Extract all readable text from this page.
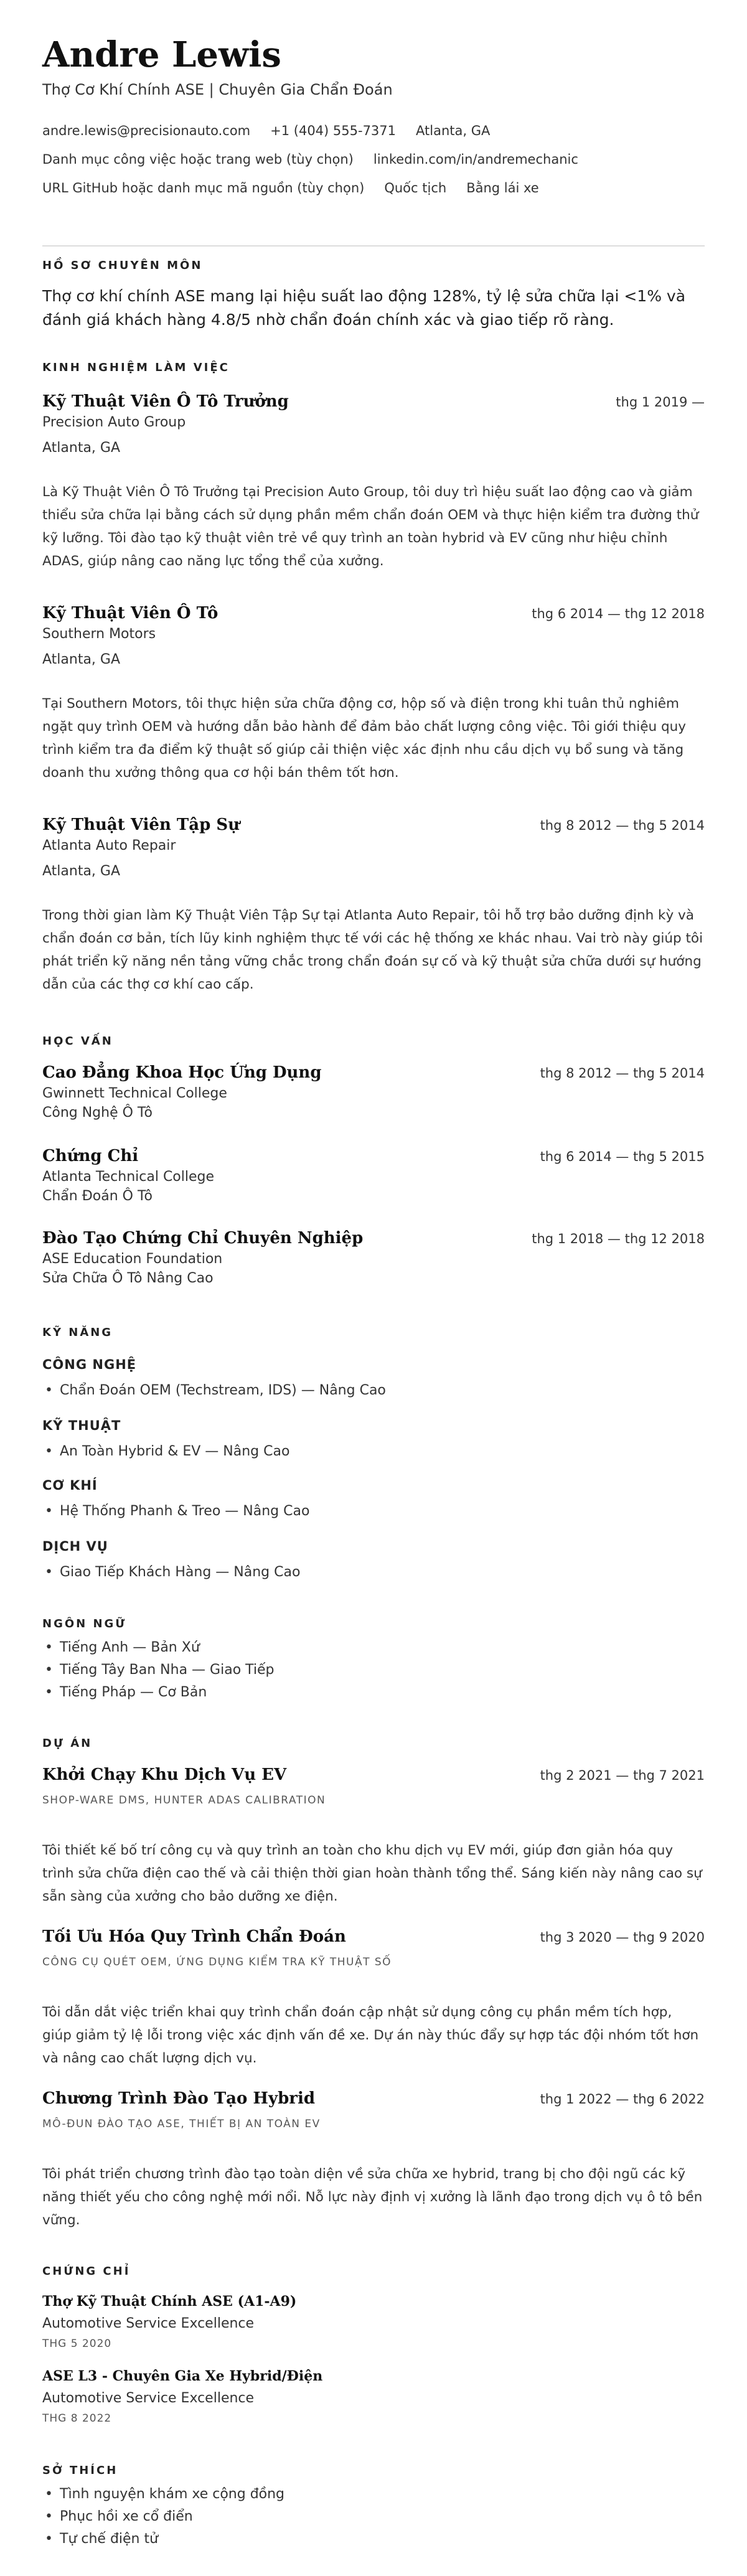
Andre Lewis
Thợ Cơ Khí Chính ASE | Chuyên Gia Chẩn Đoán
andre.lewis@precisionauto.com +1 (404) 555-7371 Atlanta, GA
Danh mục công việc hoặc trang web (tùy chọn) linkedin.com/in/andremechanic
URL GitHub hoặc danh mục mã nguồn (tùy chọn) Quốc tịch Bằng lái xe
HỒ SƠ CHUYÊN MÔN
Thợ cơ khí chính ASE mang lại hiệu suất lao động 128%, tỷ lệ sửa chữa lại <1% và đánh giá khách hàng 4.8/5 nhờ chẩn đoán chính xác và giao tiếp rõ ràng.
KINH NGHIỆM LÀM VIỆC
Kỹ Thuật Viên Ô Tô Trưởng	thg 1 2019 —
Precision Auto Group
Atlanta, GA
Là Kỹ Thuật Viên Ô Tô Trưởng tại Precision Auto Group, tôi duy trì hiệu suất lao động cao và giảm thiểu sửa chữa lại bằng cách sử dụng phần mềm chẩn đoán OEM và thực hiện kiểm tra đường thử kỹ lưỡng. Tôi đào tạo kỹ thuật viên trẻ về quy trình an toàn hybrid và EV cũng như hiệu chỉnh ADAS, giúp nâng cao năng lực tổng thể của xưởng.
Kỹ Thuật Viên Ô Tô	thg 6 2014 — thg 12 2018
Southern Motors
Atlanta, GA
Tại Southern Motors, tôi thực hiện sửa chữa động cơ, hộp số và điện trong khi tuân thủ nghiêm ngặt quy trình OEM và hướng dẫn bảo hành để đảm bảo chất lượng công việc. Tôi giới thiệu quy trình kiểm tra đa điểm kỹ thuật số giúp cải thiện việc xác định nhu cầu dịch vụ bổ sung và tăng doanh thu xưởng thông qua cơ hội bán thêm tốt hơn.
Kỹ Thuật Viên Tập Sự	thg 8 2012 — thg 5 2014
Atlanta Auto Repair
Atlanta, GA
Trong thời gian làm Kỹ Thuật Viên Tập Sự tại Atlanta Auto Repair, tôi hỗ trợ bảo dưỡng định kỳ và chẩn đoán cơ bản, tích lũy kinh nghiệm thực tế với các hệ thống xe khác nhau. Vai trò này giúp tôi phát triển kỹ năng nền tảng vững chắc trong chẩn đoán sự cố và kỹ thuật sửa chữa dưới sự hướng dẫn của các thợ cơ khí cao cấp.
HỌC VẤN
Cao Đẳng Khoa Học Ứng Dụng	thg 8 2012 — thg 5 2014
Gwinnett Technical College
Công Nghệ Ô Tô
Chứng Chỉ	thg 6 2014 — thg 5 2015
Atlanta Technical College
Chẩn Đoán Ô Tô
Đào Tạo Chứng Chỉ Chuyên Nghiệp	thg 1 2018 — thg 12 2018
ASE Education Foundation
Sửa Chữa Ô Tô Nâng Cao
KỸ NĂNG
CÔNG NGHỆ
• Chẩn Đoán OEM (Techstream, IDS) — Nâng Cao
KỸ THUẬT
• An Toàn Hybrid & EV — Nâng Cao
CƠ KHÍ
• Hệ Thống Phanh & Treo — Nâng Cao
DỊCH VỤ
• Giao Tiếp Khách Hàng — Nâng Cao
NGÔN NGỮ
• Tiếng Anh — Bản Xứ
• Tiếng Tây Ban Nha — Giao Tiếp
• Tiếng Pháp — Cơ Bản
DỰ ÁN
Khởi Chạy Khu Dịch Vụ EV	thg 2 2021 — thg 7 2021
SHOP-WARE DMS, HUNTER ADAS CALIBRATION
Tôi thiết kế bố trí công cụ và quy trình an toàn cho khu dịch vụ EV mới, giúp đơn giản hóa quy trình sửa chữa điện cao thế và cải thiện thời gian hoàn thành tổng thể. Sáng kiến này nâng cao sự sẵn sàng của xưởng cho bảo dưỡng xe điện.
Tối Ưu Hóa Quy Trình Chẩn Đoán	thg 3 2020 — thg 9 2020
CÔNG CỤ QUÉT OEM, ỨNG DỤNG KIỂM TRA KỸ THUẬT SỐ
Tôi dẫn dắt việc triển khai quy trình chẩn đoán cập nhật sử dụng công cụ phần mềm tích hợp, giúp giảm tỷ lệ lỗi trong việc xác định vấn đề xe. Dự án này thúc đẩy sự hợp tác đội nhóm tốt hơn và nâng cao chất lượng dịch vụ.
Chương Trình Đào Tạo Hybrid	thg 1 2022 — thg 6 2022
MÔ-ĐUN ĐÀO TẠO ASE, THIẾT BỊ AN TOÀN EV
Tôi phát triển chương trình đào tạo toàn diện về sửa chữa xe hybrid, trang bị cho đội ngũ các kỹ năng thiết yếu cho công nghệ mới nổi. Nỗ lực này định vị xưởng là lãnh đạo trong dịch vụ ô tô bền vững.
CHỨNG CHỈ
Thợ Kỹ Thuật Chính ASE (A1-A9)
Automotive Service Excellence
THG 5 2020
ASE L3 - Chuyên Gia Xe Hybrid/Điện
Automotive Service Excellence
THG 8 2022
SỞ THÍCH
• Tình nguyện khám xe cộng đồng
• Phục hồi xe cổ điển
• Tự chế điện tử
